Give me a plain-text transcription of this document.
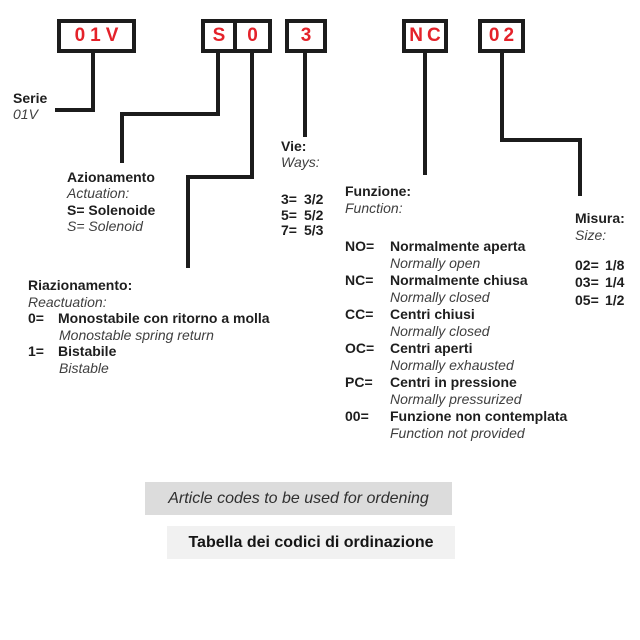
01V	S	0	3	NC	02
Serie
01V
Azionamento
Actuation:
S= Solenoide
S= Solenoid
Riazionamento:
Reactuation:
0=	Monostabile con ritorno a molla
Monostable spring return
1=	Bistabile
Bistable
Vie:
Ways:
3= 3/2
5= 5/2
7= 5/3
Funzione:
Function:
NO=	Normalmente aperta
Normally open
NC=	Normalmente chiusa
Normally closed
CC=	Centri chiusi
Normally closed
OC=	Centri aperti
Normally exhausted
PC=	Centri in pressione
Normally pressurized
00=	Funzione non contemplata
Function not provided
Misura:
Size:
02= 1/8
03= 1/4
05= 1/2
Article codes to be used for ordening
Tabella dei codici di ordinazione
